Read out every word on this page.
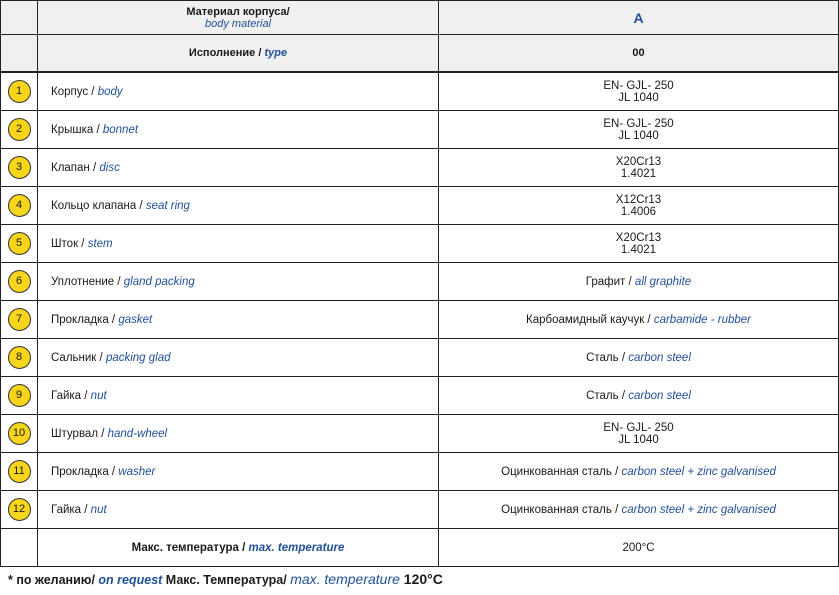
	Материал корпуса/
body material	A
	Исполнение / type	00
1	Корпус / body	EN- GJL- 250
JL 1040

2	Крышка / bonnet	EN- GJL- 250
JL 1040

3	Клапан / disc	X20Cr13
1.4021

4	Кольцо клапана / seat ring	X12Cr13
1.4006

5	Шток / stem	X20Cr13
1.4021

6	Уплотнение / gland packing	Графит / all graphite
7	Прокладка / gasket	Карбоамидный каучук / carbamide - rubber
8	Сальник / packing glad	Сталь / carbon steel
9	Гайка / nut	Сталь / carbon steel
10	Штурвал / hand-wheel	EN- GJL- 250
JL 1040

11	Прокладка / washer	Оцинкованная сталь / carbon steel + zinc galvanised
12	Гайка / nut	Оцинкованная сталь / carbon steel + zinc galvanised
	Макс. температура / max. temperature	200°C
* по желанию/ on request Макс. Температура/ max. temperature 120°C
